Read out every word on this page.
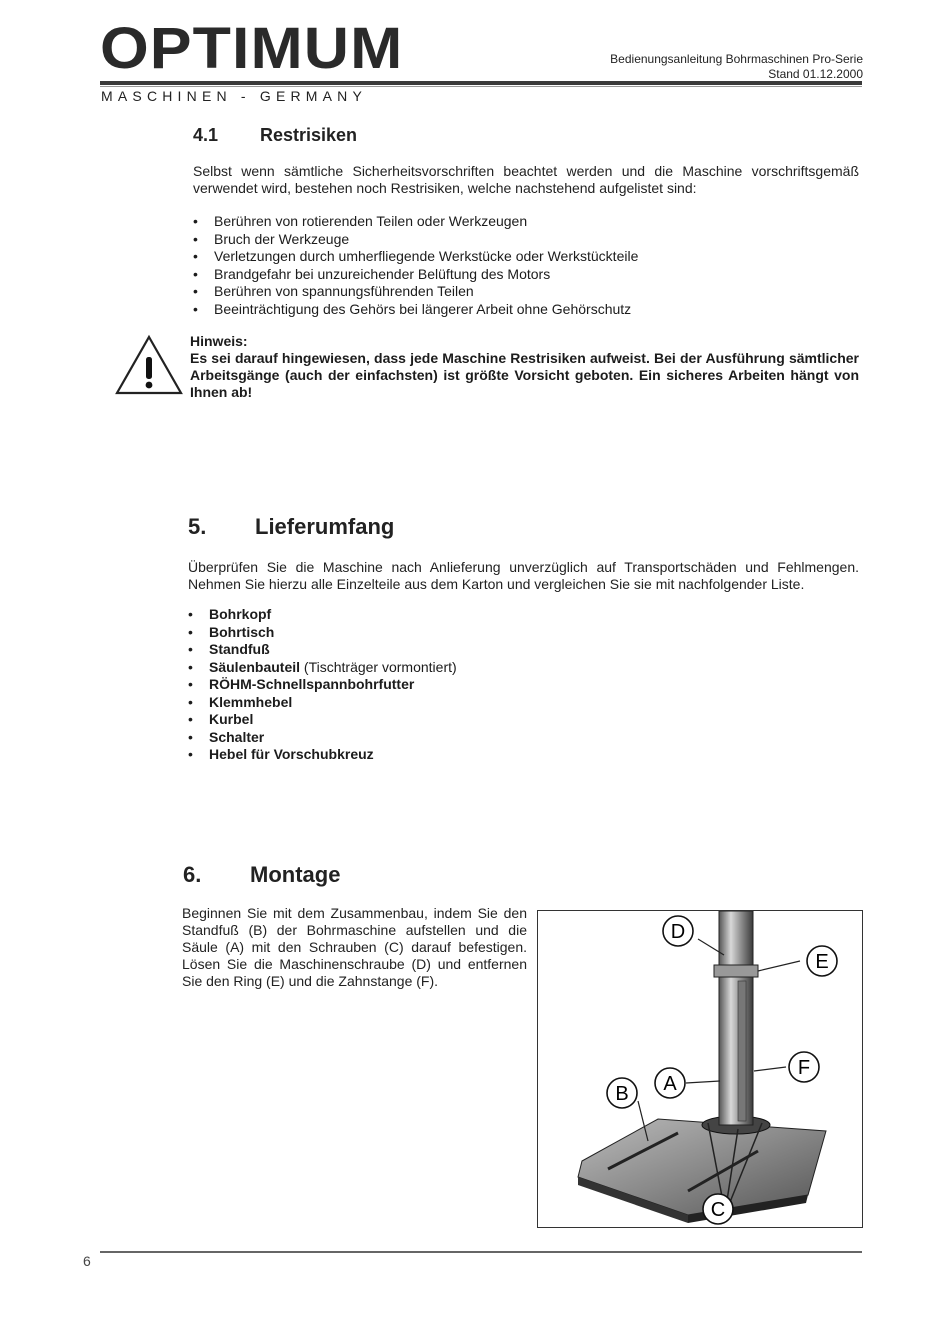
OPTIMUM
MASCHINEN - GERMANY
Bedienungsanleitung Bohrmaschinen Pro-Serie
Stand 01.12.2000
4.1 Restrisiken
Selbst wenn sämtliche Sicherheitsvorschriften beachtet werden und die Maschine vorschriftsgemäß verwendet wird, bestehen noch Restrisiken, welche nachstehend aufgelistet sind:
• Berühren von rotierenden Teilen oder Werkzeugen
• Bruch der Werkzeuge
• Verletzungen durch umherfliegende Werkstücke oder Werkstückteile
• Brandgefahr bei unzureichender Belüftung des Motors
• Berühren von spannungsführenden Teilen
• Beeinträchtigung des Gehörs bei längerer Arbeit ohne Gehörschutz
Hinweis:
Es sei darauf hingewiesen, dass jede Maschine Restrisiken aufweist. Bei der Ausführung sämtlicher Arbeitsgänge (auch der einfachsten) ist größte Vorsicht geboten. Ein sicheres Arbeiten hängt von Ihnen ab!
5. Lieferumfang
Überprüfen Sie die Maschine nach Anlieferung unverzüglich auf Transportschäden und Fehlmengen. Nehmen Sie hierzu alle Einzelteile aus dem Karton und vergleichen Sie sie mit nachfolgender Liste.
• Bohrkopf
• Bohrtisch
• Standfuß
• Säulenbauteil (Tischträger vormontiert)
• RÖHM-Schnellspannbohrfutter
• Klemmhebel
• Kurbel
• Schalter
• Hebel für Vorschubkreuz
6. Montage
Beginnen Sie mit dem Zusammenbau, indem Sie den Standfuß (B) der Bohrmaschine aufstellen und die Säule (A) mit den Schrauben (C) darauf befestigen. Lösen Sie die Maschinenschraube (D) und entfernen Sie den Ring (E) und die Zahnstange (F).
D
E
F
A
B
C
6
